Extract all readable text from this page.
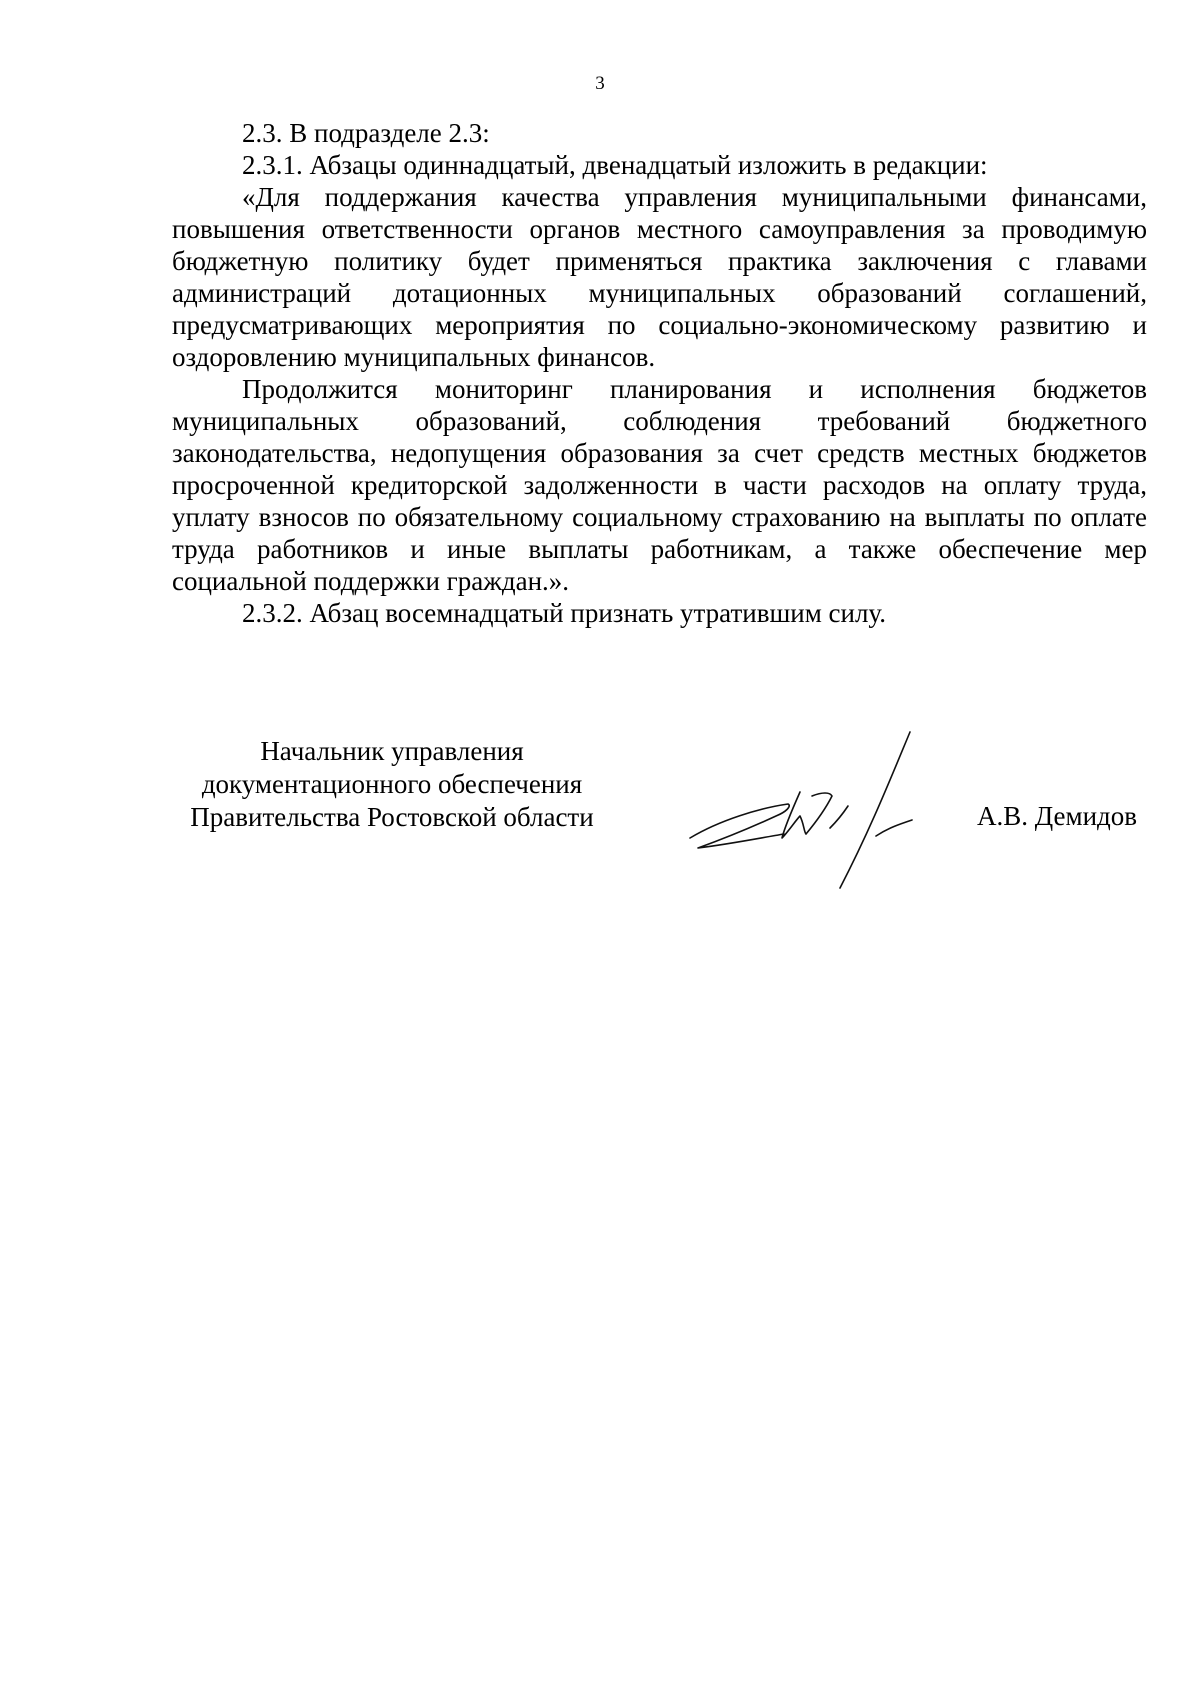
3

2.3. В подразделе 2.3:

2.3.1. Абзацы одиннадцатый, двенадцатый изложить в редакции:

«Для поддержания качества управления муниципальными финансами, повышения ответственности органов местного самоуправления за проводимую бюджетную политику будет применяться практика заключения с главами администраций дотационных муниципальных образований соглашений, предусматривающих мероприятия по социально-экономическому развитию и оздоровлению муниципальных финансов.

Продолжится мониторинг планирования и исполнения бюджетов муниципальных образований, соблюдения требований бюджетного законодательства, недопущения образования за счет средств местных бюджетов просроченной кредиторской задолженности в части расходов на оплату труда, уплату взносов по обязательному социальному страхованию на выплаты по оплате труда работников и иные выплаты работникам, а также обеспечение мер социальной поддержки граждан.».

2.3.2. Абзац восемнадцатый признать утратившим силу.

Начальник управления
документационного обеспечения
Правительства Ростовской области	А.В. Демидов
